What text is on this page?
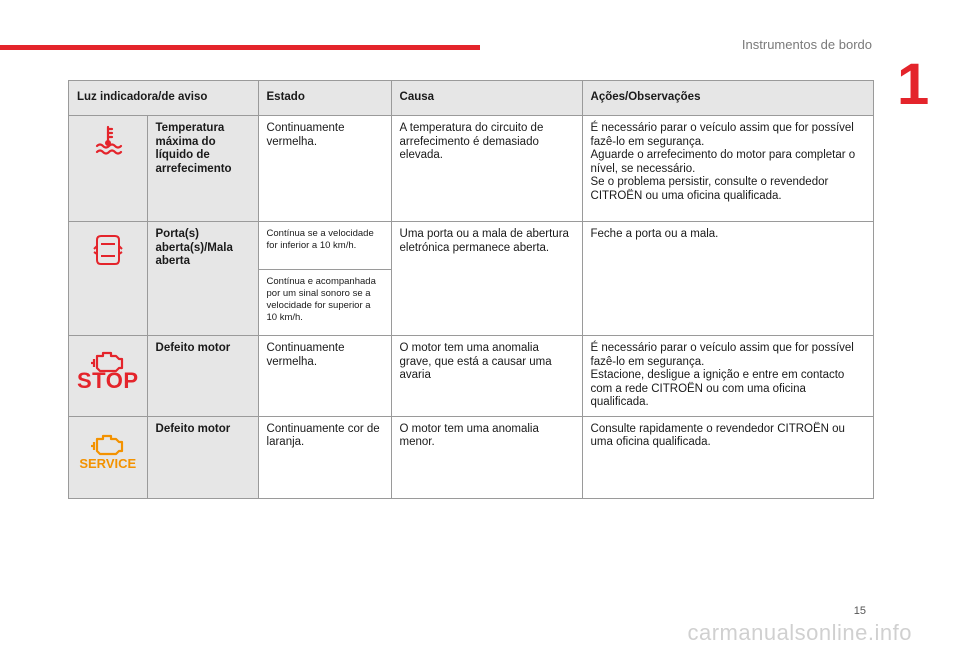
Instrumentos de bordo
1
Luz indicadora/de aviso		Estado	Causa	Ações/Observações

	Temperatura máxima do líquido de arrefecimento	Continuamente vermelha.	A temperatura do circuito de arrefecimento é demasiado elevada.	É necessário parar o veículo assim que for possível fazê-lo em segurança.
Aguarde o arrefecimento do motor para completar o nível, se necessário.
Se o problema persistir, consulte o revendedor CITROËN ou uma oficina qualificada.

	Porta(s) aberta(s)/Mala aberta	Contínua se a velocidade for inferior a 10 km/h.	Uma porta ou a mala de abertura eletrónica permanece aberta.	Feche a porta ou a mala.
		Contínua e acompanhada por um sinal sonoro se a velocidade for superior a 10 km/h.		

STOP	Defeito motor	Continuamente vermelha.	O motor tem uma anomalia grave, que está a causar uma avaria	É necessário parar o veículo assim que for possível fazê-lo em segurança.
Estacione, desligue a ignição e entre em contacto com a rede CITROËN ou com uma oficina qualificada.

SERVICE	Defeito motor	Continuamente cor de laranja.	O motor tem uma anomalia menor.	Consulte rapidamente o revendedor CITROËN ou uma oficina qualificada.
15
carmanualsonline.info
